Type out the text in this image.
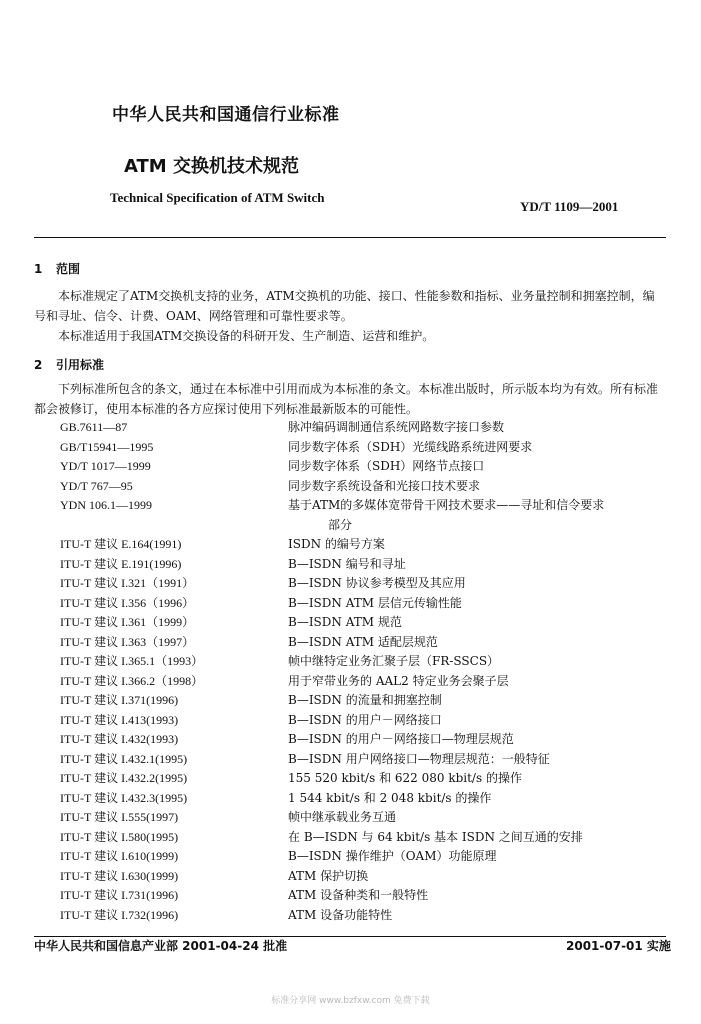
中华人民共和国通信行业标准
ATM 交换机技术规范
Technical Specification of ATM Switch
YD/T 1109—2001
1 范围
本标准规定了ATM交换机支持的业务，ATM交换机的功能、接口、性能参数和指标、业务量控制和拥塞控制，编号和寻址、信令、计费、OAM、网络管理和可靠性要求等。
本标准适用于我国ATM交换设备的科研开发、生产制造、运营和维护。
2 引用标准
下列标准所包含的条文，通过在本标准中引用而成为本标准的条文。本标准出版时，所示版本均为有效。所有标准都会被修订，使用本标准的各方应探讨使用下列标准最新版本的可能性。
GB.7611—87	脉冲编码调制通信系统网路数字接口参数
GB/T15941—1995	同步数字体系（SDH）光缆线路系统进网要求
YD/T 1017—1999	同步数字体系（SDH）网络节点接口
YD/T 767—95	同步数字系统设备和光接口技术要求
YDN 106.1—1999	基于ATM的多媒体宽带骨干网技术要求——寻址和信令要求
部分
ITU-T 建议 E.164(1991)	ISDN 的编号方案
ITU-T 建议 E.191(1996)	B—ISDN 编号和寻址
ITU-T 建议 I.321（1991）	B—ISDN 协议参考模型及其应用
ITU-T 建议 I.356（1996）	B—ISDN ATM 层信元传输性能
ITU-T 建议 I.361（1999）	B—ISDN ATM 规范
ITU-T 建议 I.363（1997）	B—ISDN ATM 适配层规范
ITU-T 建议 I.365.1（1993）	帧中继特定业务汇聚子层（FR-SSCS）
ITU-T 建议 I.366.2（1998）	用于窄带业务的 AAL2 特定业务会聚子层
ITU-T 建议 I.371(1996)	B—ISDN 的流量和拥塞控制
ITU-T 建议 I.413(1993)	B—ISDN 的用户－网络接口
ITU-T 建议 I.432(1993)	B—ISDN 的用户－网络接口—物理层规范
ITU-T 建议 I.432.1(1995)	B—ISDN 用户网络接口—物理层规范：一般特征
ITU-T 建议 I.432.2(1995)	155 520 kbit/s 和 622 080 kbit/s 的操作
ITU-T 建议 I.432.3(1995)	1 544 kbit/s 和 2 048 kbit/s 的操作
ITU-T 建议 I.555(1997)	帧中继承载业务互通
ITU-T 建议 I.580(1995)	在 B—ISDN 与 64 kbit/s 基本 ISDN 之间互通的安排
ITU-T 建议 I.610(1999)	B—ISDN 操作维护（OAM）功能原理
ITU-T 建议 I.630(1999)	ATM 保护切换
ITU-T 建议 I.731(1996)	ATM 设备种类和一般特性
ITU-T 建议 I.732(1996)	ATM 设备功能特性
中华人民共和国信息产业部 2001-04-24 批准	2001-07-01 实施
标准分享网 www.bzfxw.com 免费下载
